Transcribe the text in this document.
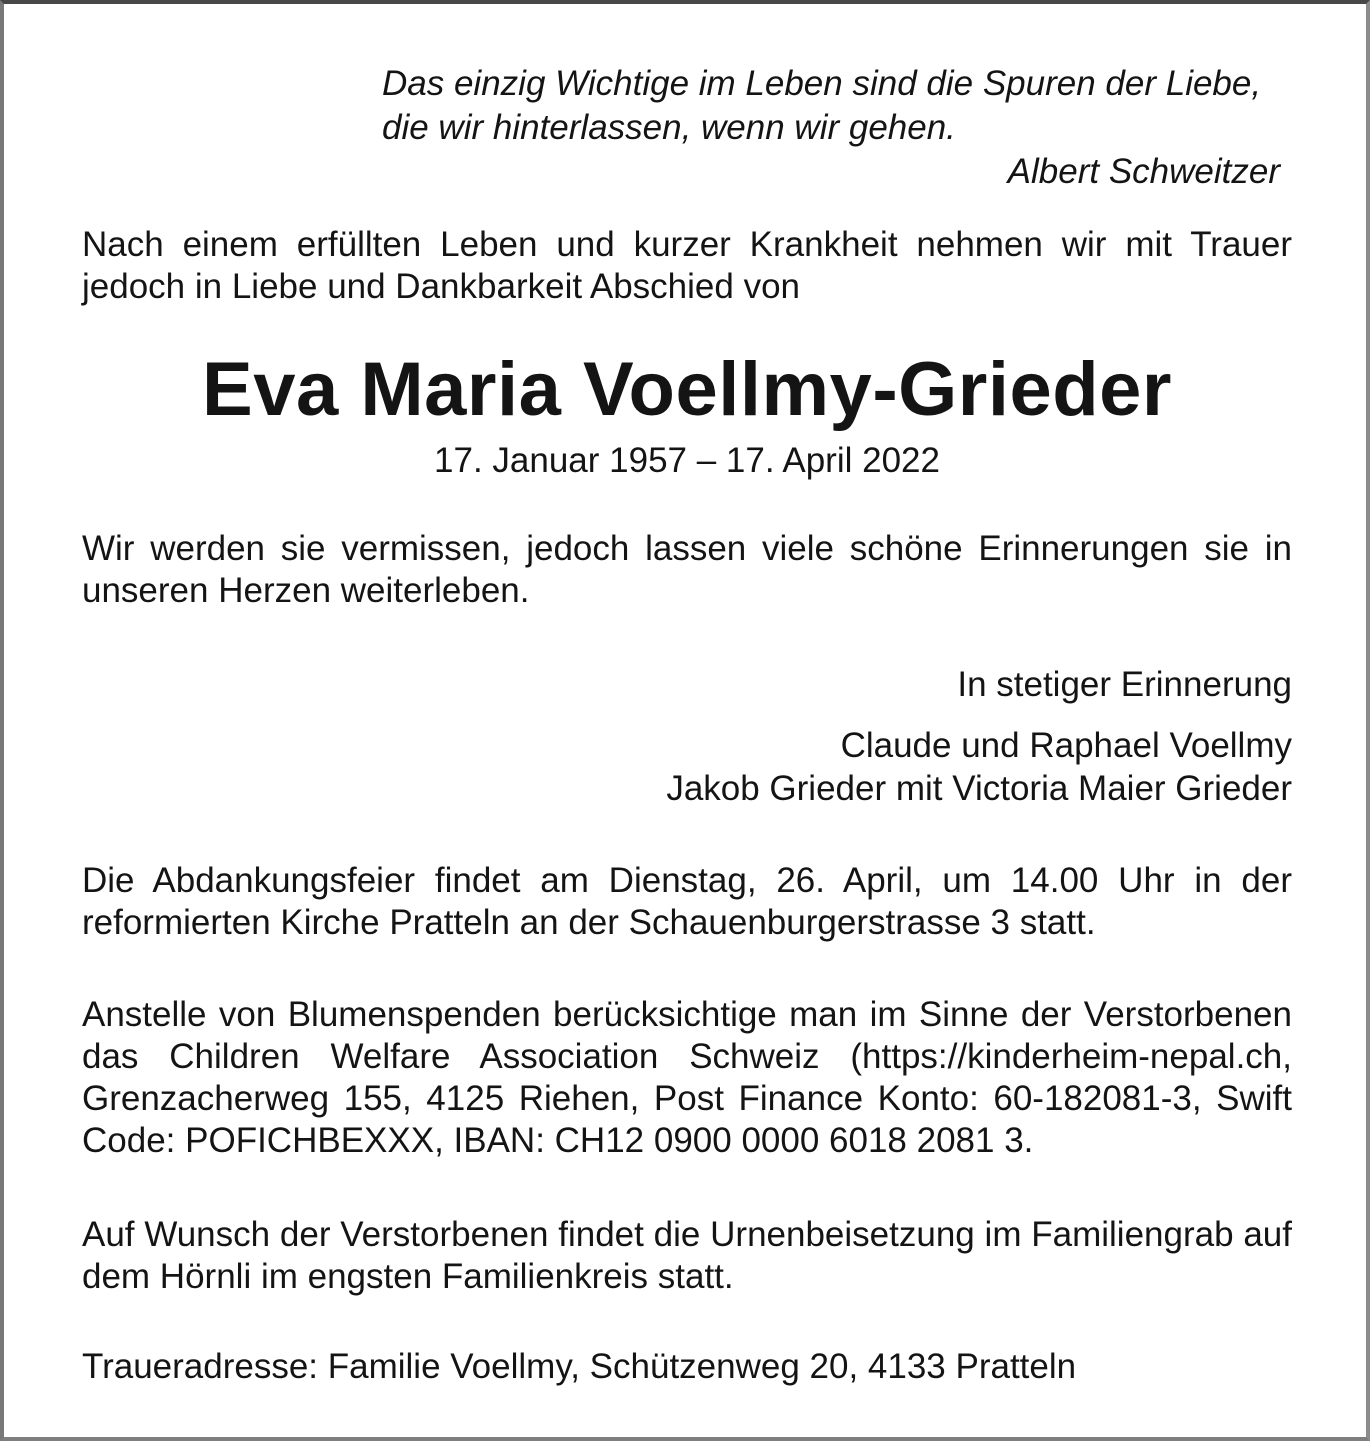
Das einzig Wichtige im Leben sind die Spuren der Liebe,

die wir hinterlassen, wenn wir gehen.

Albert Schweitzer

Nach einem erfüllten Leben und kurzer Krankheit nehmen wir mit Trauer jedoch in Liebe und Dankbarkeit Abschied von

Eva Maria Voellmy-Grieder

17. Januar 1957 – 17. April 2022

Wir werden sie vermissen, jedoch lassen viele schöne Erinnerungen sie in unseren Herzen weiterleben.

In stetiger Erinnerung

Claude und Raphael Voellmy

Jakob Grieder mit Victoria Maier Grieder

Die Abdankungsfeier findet am Dienstag, 26. April, um 14.00 Uhr in der reformierten Kirche Pratteln an der Schauenburgerstrasse 3 statt.

Anstelle von Blumenspenden berücksichtige man im Sinne der Verstorbenen das Children Welfare Association Schweiz (https://kinderheim-nepal.ch, Grenzacherweg 155, 4125 Riehen, Post Finance Konto: 60-182081-3, Swift Code: POFICHBEXXX, IBAN: CH12 0900 0000 6018 2081 3.

Auf Wunsch der Verstorbenen findet die Urnenbeisetzung im Familiengrab auf dem Hörnli im engsten Familienkreis statt.

Traueradresse: Familie Voellmy, Schützenweg 20, 4133 Pratteln
